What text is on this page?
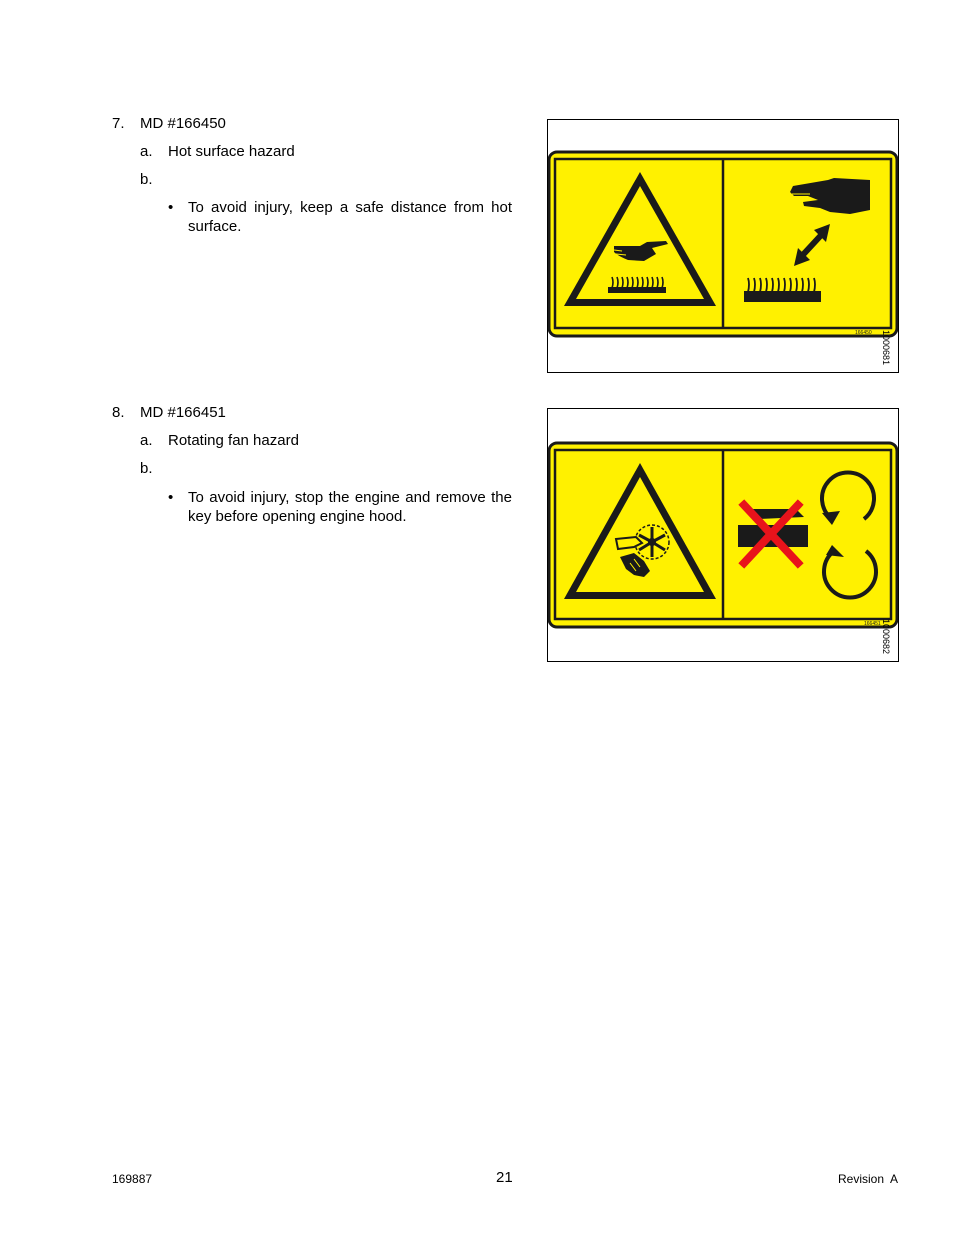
7. MD #166450
a. Hot surface hazard
b.
• To avoid injury, keep a safe distance from hot surface.
166450 1000681
8. MD #166451
a. Rotating fan hazard
b.
• To avoid injury, stop the engine and remove the key before opening engine hood.
166451 1000682
169887	21	Revision  A
